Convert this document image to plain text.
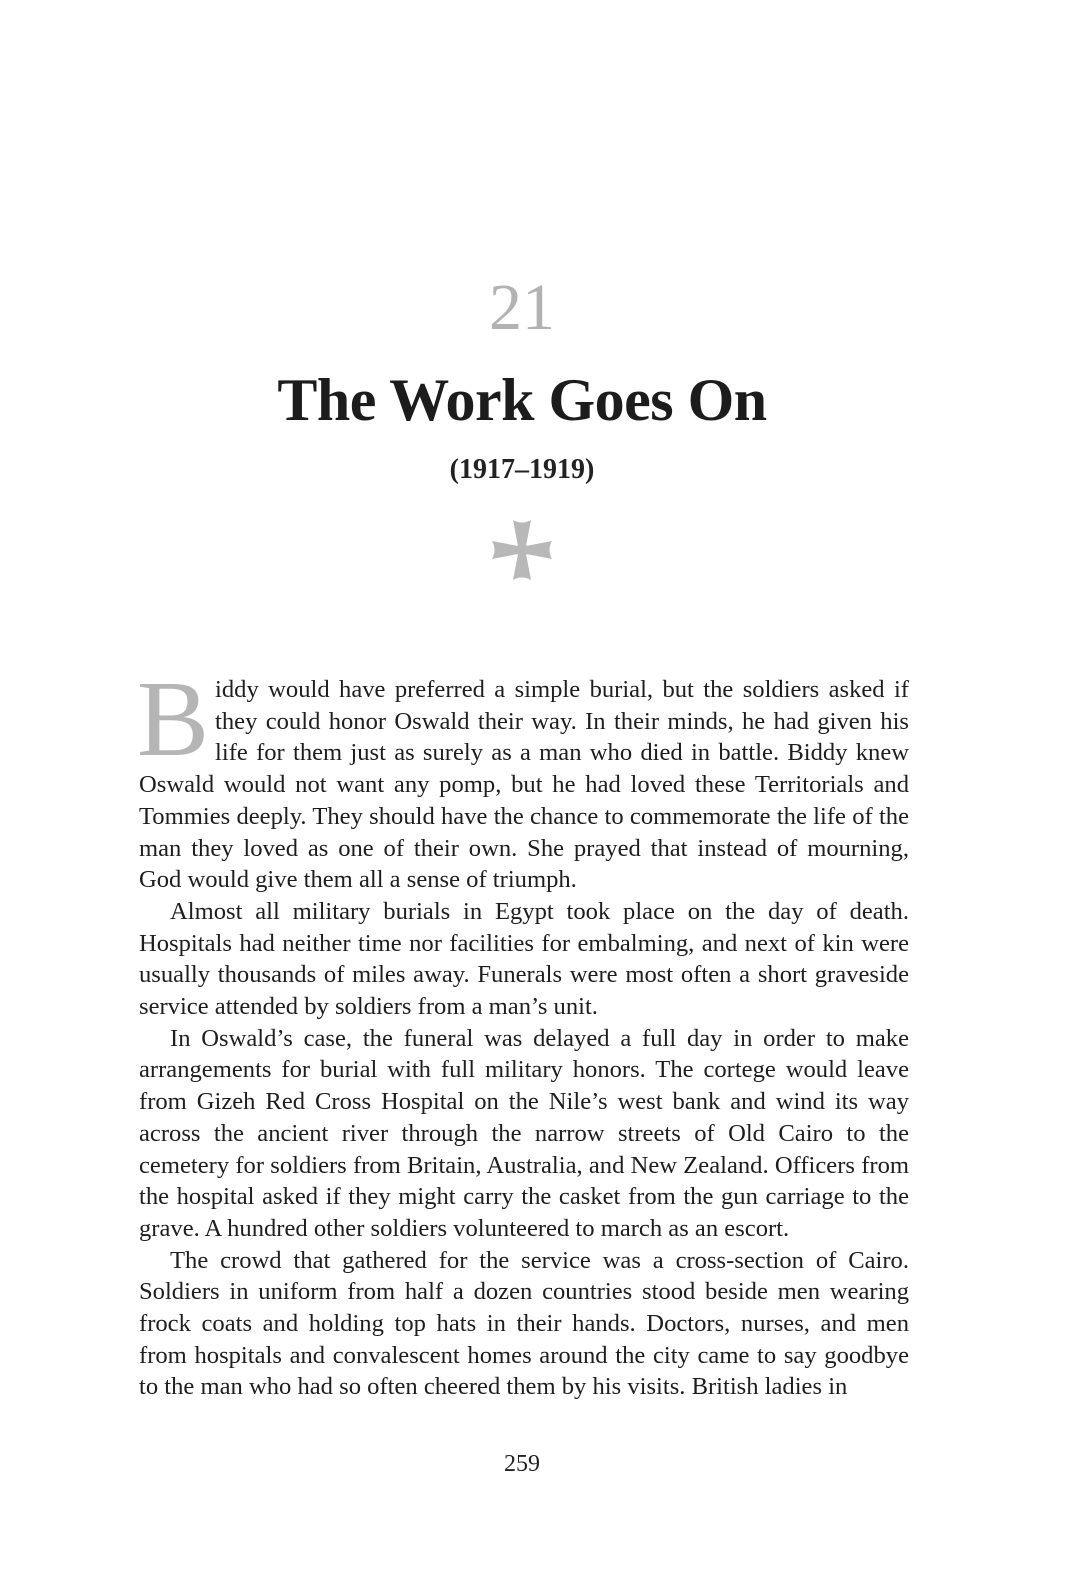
21
The Work Goes On
(1917–1919)

Biddy would have preferred a simple burial, but the soldiers asked if they could honor Oswald their way. In their minds, he had given his life for them just as surely as a man who died in battle. Biddy knew Oswald would not want any pomp, but he had loved these Territorials and Tommies deeply. They should have the chance to commemorate the life of the man they loved as one of their own. She prayed that instead of mourning, God would give them all a sense of triumph.

Almost all military burials in Egypt took place on the day of death. Hospitals had neither time nor facilities for embalming, and next of kin were usually thousands of miles away. Funerals were most often a short graveside service attended by soldiers from a man’s unit.

In Oswald’s case, the funeral was delayed a full day in order to make arrangements for burial with full military honors. The cortege would leave from Gizeh Red Cross Hospital on the Nile’s west bank and wind its way across the ancient river through the narrow streets of Old Cairo to the cemetery for soldiers from Britain, Australia, and New Zealand. Officers from the hospital asked if they might carry the casket from the gun carriage to the grave. A hundred other soldiers volunteered to march as an escort.

The crowd that gathered for the service was a cross-section of Cairo. Soldiers in uniform from half a dozen countries stood beside men wearing frock coats and holding top hats in their hands. Doctors, nurses, and men from hospitals and convalescent homes around the city came to say goodbye to the man who had so often cheered them by his visits. British ladies in

259
